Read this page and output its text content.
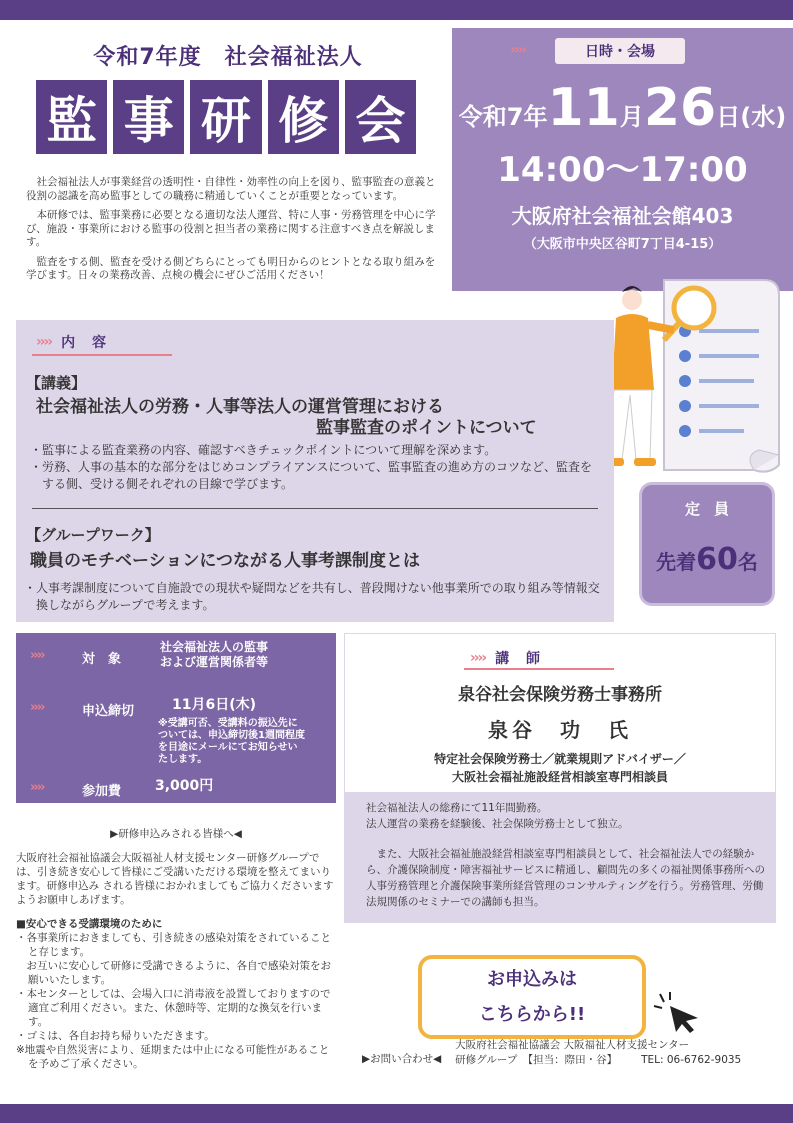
令和7年度　社会福祉法人
監 事 研 修 会

社会福祉法人が事業経営の透明性・自律性・効率性の向上を図り、監事監査の意義と役割の認識を高め監事としての職務に精通していくことが重要となっています。

本研修では、監事業務に必要となる適切な法人運営、特に人事・労務管理を中心に学び、施設・事業所における監事の役割と担当者の業務に関する注意すべき点を解説します。

監査をする側、監査を受ける側どちらにとっても明日からのヒントとなる取り組みを学びます。日々の業務改善、点検の機会にぜひご活用ください！

››››	日時・会場
令和7年11月26日(水)
14:00～17:00
大阪府社会福祉会館403
（大阪市中央区谷町7丁目4-15）
›››› 内 容
【講義】
社会福祉法人の労務・人事等法人の運営管理における
監事監査のポイントについて
・監事による監査業務の内容、確認すべきチェックポイントについて理解を深めます。
・労務、人事の基本的な部分をはじめコンプライアンスについて、監事監査の進め方のコツなど、監査をする側、受ける側それぞれの目線で学びます。
【グループワーク】
職員のモチベーションにつながる人事考課制度とは
・人事考課制度について自施設での現状や疑問などを共有し、普段聞けない他事業所での取り組み等情報交換しながらグループで考えます。
定員
先着60名
››››	対　象
社会福祉法人の監事
および運営関係者等
››››	申込締切	11月6日(木)
※受講可否、受講料の振込先に
ついては、申込締切後1週間程度
を目途にメールにてお知らせい
たします。
››››	参加費 3,000円
›››› 講 師
泉谷社会保険労務士事務所
泉谷　功　氏
特定社会保険労務士／就業規則アドバイザー／
大阪社会福祉施設経営相談室専門相談員
社会福祉法人の総務にて11年間勤務。
法人運営の業務を経験後、社会保険労務士として独立。
また、大阪社会福祉施設経営相談室専門相談員として、社会福祉法人での経験から、介護保険制度・障害福祉サービスに精通し、顧問先の多くの福祉関係事務所への人事労務管理と介護保険事業所経営管理のコンサルティングを行う。労務管理、労働法規関係のセミナーでの講師も担当。
▶研修申込みされる皆様へ◀
大阪府社会福祉協議会大阪福祉人材支援センター研修グループでは、引き続き安心して皆様にご受講いただける環境を整えてまいります。研修申込み される皆様におかれましてもご協力くださいますようお願申しあげます。
■安心できる受講環境のために
・各事業所におきましても、引き続きの感染対策をされていることと存じます。
　お互いに安心して研修に受講できるように、各自で感染対策をお願いいたします。
・本センターとしては、会場入口に消毒液を設置しておりますので適宜ご利用ください。また、休憩時等、定期的な換気を行います。
・ゴミは、各自お持ち帰りいただきます。
※地震や自然災害により、延期または中止になる可能性があることを予めご了承ください。
お申込みは
こちらから!!
▶お問い合わせ◀
大阪府社会福祉協議会 大阪福祉人材支援センター
研修グループ　【担当：際田・谷】 TEL: 06-6762-9035
